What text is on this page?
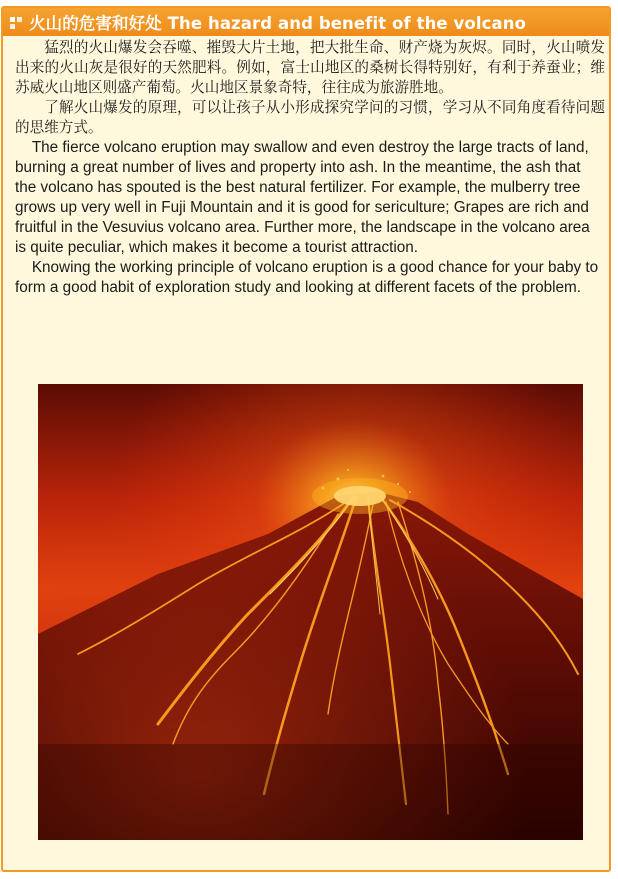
火山的危害和好处 The hazard and benefit of the volcano

猛烈的火山爆发会吞噬、摧毁大片土地，把大批生命、财产烧为灰烬。同时，火山喷发出来的火山灰是很好的天然肥料。例如，富士山地区的桑树长得特别好，有利于养蚕业；维苏威火山地区则盛产葡萄。火山地区景象奇特，往往成为旅游胜地。

了解火山爆发的原理，可以让孩子从小形成探究学问的习惯，学习从不同角度看待问题的思维方式。

The fierce volcano eruption may swallow and even destroy the large tracts of land, burning a great number of lives and property into ash. In the meantime, the ash that the volcano has spouted is the best natural fertilizer. For example, the mulberry tree grows up very well in Fuji Mountain and it is good for sericulture; Grapes are rich and fruitful in the Vesuvius volcano area. Further more, the landscape in the volcano area is quite peculiar, which makes it become a tourist attraction.

Knowing the working principle of volcano eruption is a good chance for your baby to form a good habit of exploration study and looking at different facets of the problem.
